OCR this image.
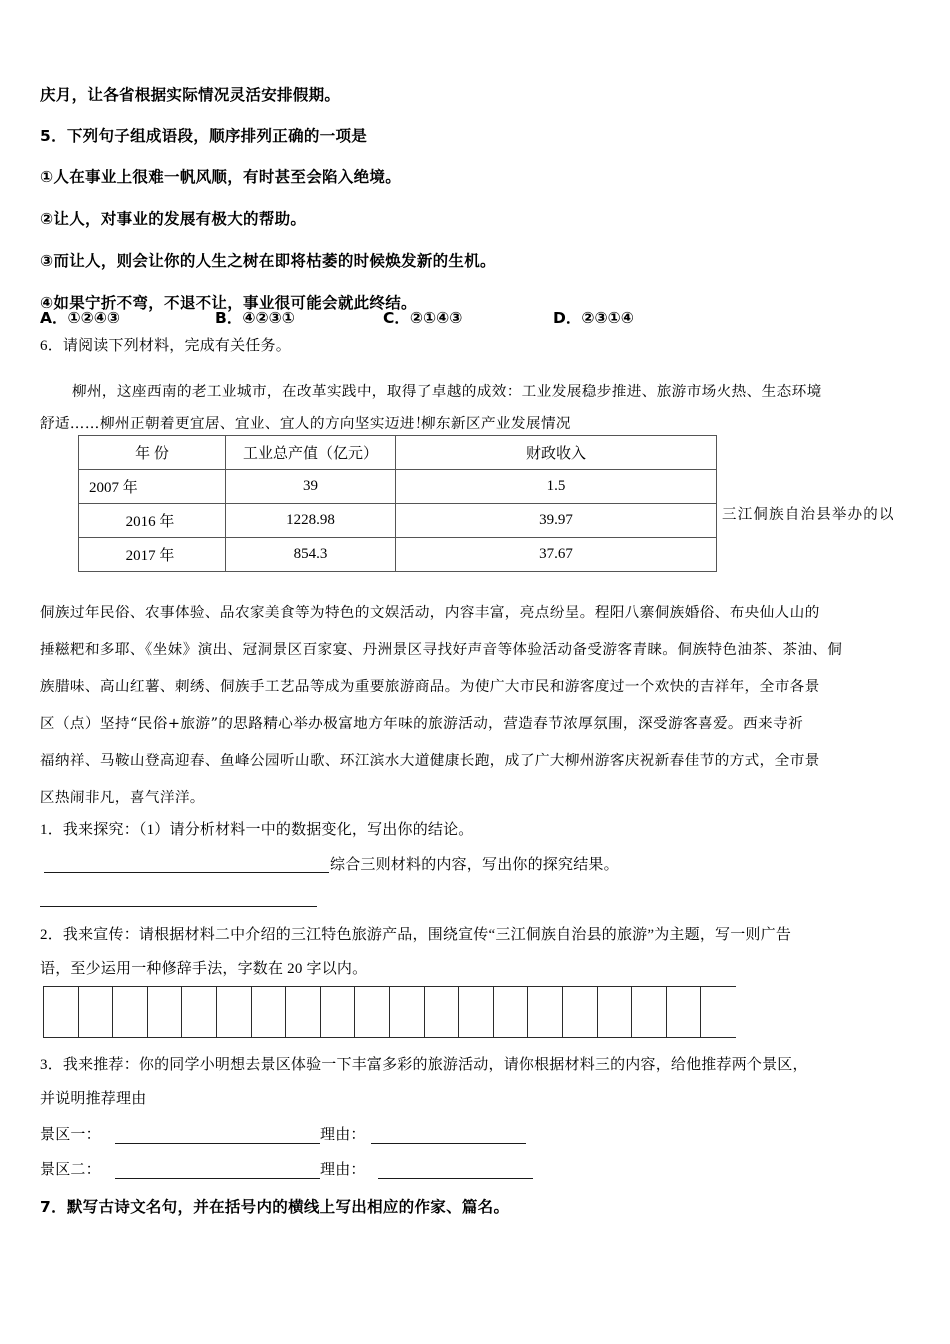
庆月，让各省根据实际情况灵活安排假期。
5．下列句子组成语段，顺序排列正确的一项是
①人在事业上很难一帆风顺，有时甚至会陷入绝境。
②让人，对事业的发展有极大的帮助。
③而让人，则会让你的人生之树在即将枯萎的时候焕发新的生机。
④如果宁折不弯，不退不让，事业很可能会就此终结。
A．①②④③	B．④②③①	C．②①④③	D．②③①④
6．请阅读下列材料，完成有关任务。
柳州，这座西南的老工业城市，在改革实践中，取得了卓越的成效：工业发展稳步推进、旅游市场火热、生态环境
舒适……柳州正朝着更宜居、宜业、宜人的方向坚实迈进！
柳东新区产业发展情况
年 份	工业总产值（亿元）	财政收入
2007 年	39	1.5
2016 年	1228.98	39.97
2017 年	854.3	37.67
三江侗族自治县举办的以
侗族过年民俗、农事体验、品农家美食等为特色的文娱活动，内容丰富，亮点纷呈。程阳八寨侗族婚俗、布央仙人山的
捶糍粑和多耶、《坐妹》演出、冠洞景区百家宴、丹洲景区寻找好声音等体验活动备受游客青睐。侗族特色油茶、茶油、侗
族腊味、高山红薯、刺绣、侗族手工艺品等成为重要旅游商品。为使广大市民和游客度过一个欢快的吉祥年，全市各景
区（点）坚持“民俗+旅游”的思路精心举办极富地方年味的旅游活动，营造春节浓厚氛围，深受游客喜爱。西来寺祈
福纳祥、马鞍山登高迎春、鱼峰公园听山歌、环江滨水大道健康长跑，成了广大柳州游客庆祝新春佳节的方式，全市景
区热闹非凡，喜气洋洋。
1．我来探究：（1）请分析材料一中的数据变化，写出你的结论。
综合三则材料的内容，写出你的探究结果。
2．我来宣传：请根据材料二中介绍的三江特色旅游产品，围绕宣传“三江侗族自治县的旅游”为主题，写一则广告
语，至少运用一种修辞手法，字数在 20 字以内。
3．我来推荐：你的同学小明想去景区体验一下丰富多彩的旅游活动，请你根据材料三的内容，给他推荐两个景区，
并说明推荐理由
景区一：	理由：
景区二：	理由：
7．默写古诗文名句，并在括号内的横线上写出相应的作家、篇名。
